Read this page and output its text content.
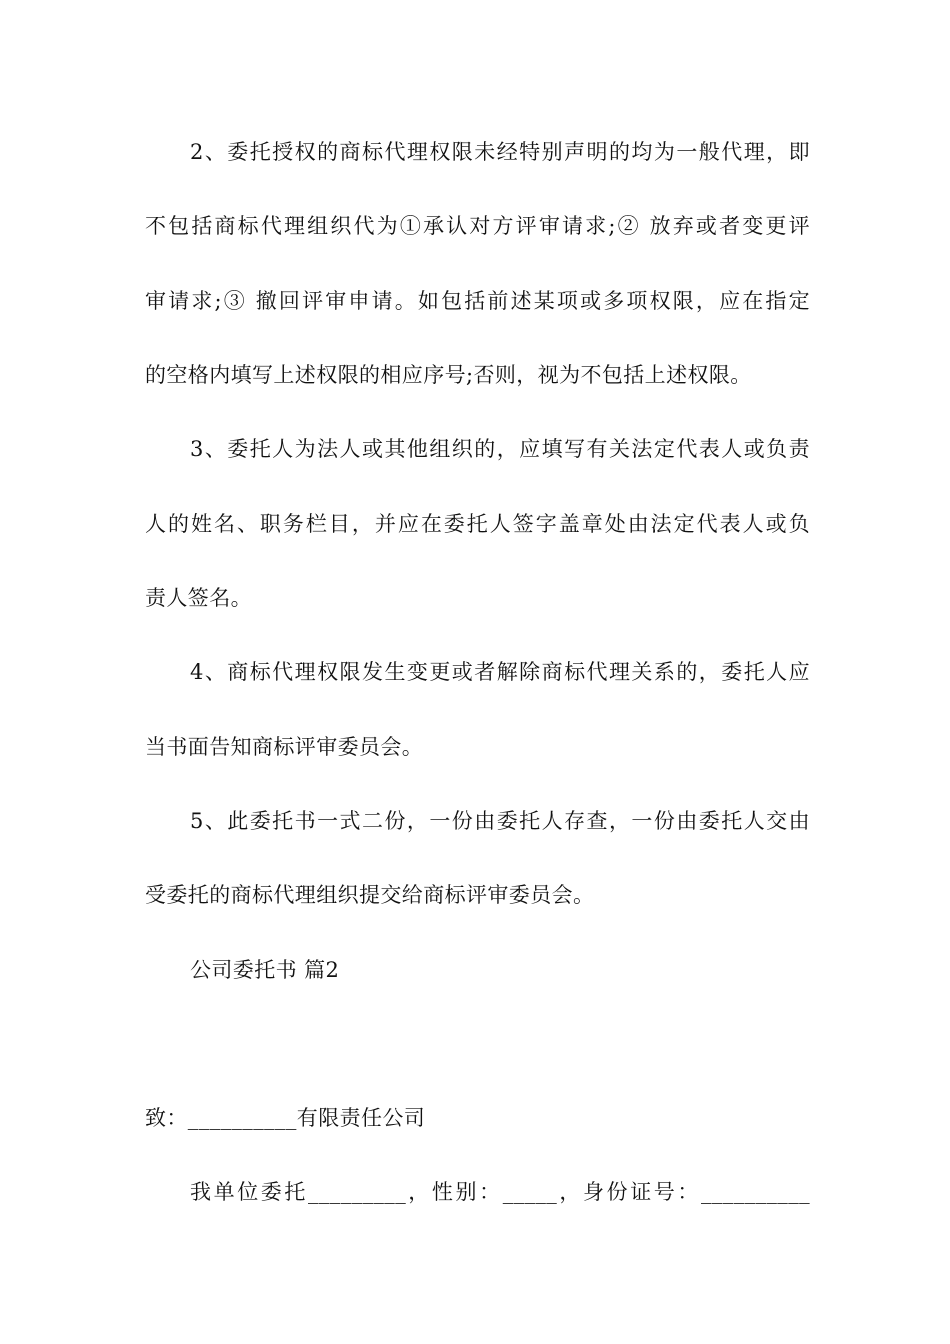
2、委托授权的商标代理权限未经特别声明的均为一般代理，即
不包括商标代理组织代为①承认对方评审请求;② 放弃或者变更评
审请求;③ 撤回评审申请。如包括前述某项或多项权限，应在指定
的空格内填写上述权限的相应序号;否则，视为不包括上述权限。
3、委托人为法人或其他组织的，应填写有关法定代表人或负责
人的姓名、职务栏目，并应在委托人签字盖章处由法定代表人或负
责人签名。
4、商标代理权限发生变更或者解除商标代理关系的，委托人应
当书面告知商标评审委员会。
5、此委托书一式二份，一份由委托人存查，一份由委托人交由
受委托的商标代理组织提交给商标评审委员会。
公司委托书 篇2
致：__________有限责任公司
我单位委托_________，性别：_____，身份证号：__________
